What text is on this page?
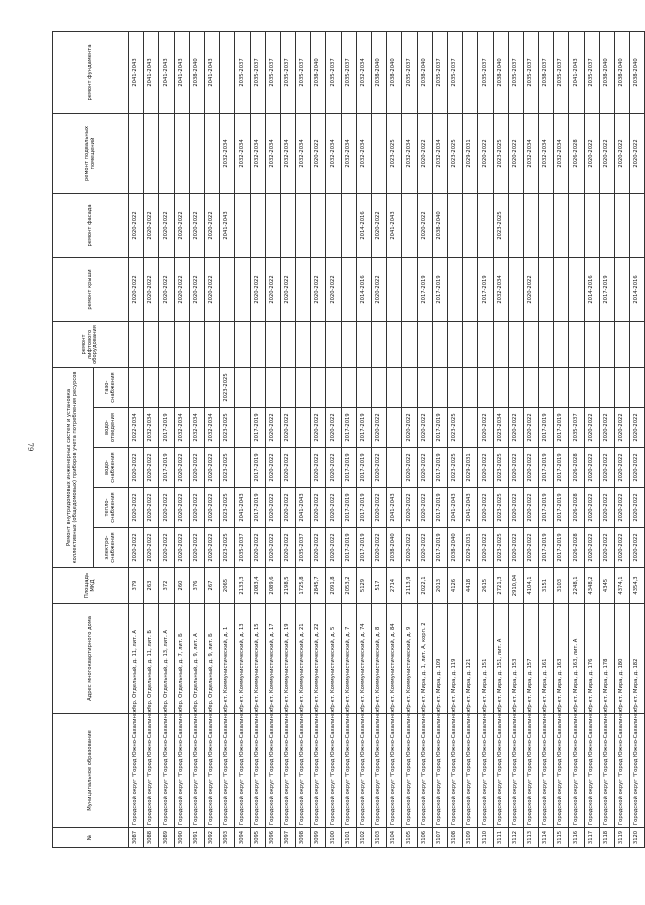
79
№	Муниципальное образование	Адрес многоквартирного дома	Площадь МКД	Ремонт внутридомовых инженерных систем и установка коллективных (общедомовых) приборов учета потребления ресурсов					ремонт лифтового оборудования	ремонт крыши	ремонт фасада	ремонт подвальных помещений	ремонт фундамента
				электро-снабжения	тепло-снабжения	водо-снабжения	водо-отведения	газо-снабжения					
3087	Городской округ "Город Южно-Сахалинск"	пер. Отдельный, д. 11, лит. А	379	2020-2022	2020-2022	2020-2022	2022-2034			2020-2022	2020-2022		2041-2043
3088	Городской округ "Город Южно-Сахалинск"	пер. Отдельный, д. 11, лит. Б	263	2020-2022	2020-2022	2020-2022	2032-2034			2020-2022	2020-2022		2041-2043
3089	Городской округ "Город Южно-Сахалинск"	пер. Отдельный, д. 13, лит. А	372	2020-2022	2020-2022	2017-2019	2017-2019			2020-2022	2020-2022		2041-2043
3090	Городской округ "Город Южно-Сахалинск"	пер. Отдельный, д. 7, лит. Б	260	2020-2022	2020-2022	2020-2022	2032-2034			2020-2022	2020-2022		2041-2043
3091	Городской округ "Город Южно-Сахалинск"	пер. Отдельный, д. 9, лит. А	376	2020-2022	2020-2022	2020-2022	2032-2034			2020-2022	2020-2022		2038-2040
3092	Городской округ "Город Южно-Сахалинск"	пер. Отдельный, д. 9, лит. Б	267	2020-2022	2020-2022	2020-2022	2032-2034			2020-2022	2020-2022		2041-2043
3093	Городской округ "Город Южно-Сахалинск"	пр-кт. Коммунистический, д. 1	2065	2023-2025	2023-2025	2023-2025	2023-2025	2023-2025			2041-2043	2032-2034	
3094	Городской округ "Город Южно-Сахалинск"	пр-кт. Коммунистический, д. 13	2133,3	2035-2037	2041-2043							2032-2034	2035-2037
3095	Городской округ "Город Южно-Сахалинск"	пр-кт. Коммунистический, д. 15	2083,4	2020-2022	2017-2019	2017-2019	2017-2019			2020-2022		2032-2034	2035-2037
3096	Городской округ "Город Южно-Сахалинск"	пр-кт. Коммунистический, д. 17	2089,6	2020-2022	2020-2022	2020-2022	2020-2022			2020-2022		2032-2034	2035-2037
3097	Городской округ "Город Южно-Сахалинск"	пр-кт. Коммунистический, д. 19	2198,5	2020-2022	2020-2022	2020-2022	2020-2022			2020-2022		2032-2034	2035-2037
3098	Городской округ "Город Южно-Сахалинск"	пр-кт. Коммунистический, д. 21	1725,8	2035-2037	2041-2043							2032-2034	2035-2037
3099	Городской округ "Город Южно-Сахалинск"	пр-кт. Коммунистический, д. 22	2845,7	2020-2022	2020-2022	2020-2022	2020-2022			2020-2022		2020-2022	2038-2040
3100	Городской округ "Город Южно-Сахалинск"	пр-кт. Коммунистический, д. 5	2091,8	2020-2022	2020-2022	2020-2022	2020-2022			2020-2022		2032-2034	2035-2037
3101	Городской округ "Город Южно-Сахалинск"	пр-кт. Коммунистический, д. 7	2053,2	2017-2019	2017-2019	2017-2019	2017-2019					2032-2034	2035-2037
3102	Городской округ "Город Южно-Сахалинск"	пр-кт. Коммунистический, д. 74	5129	2017-2019	2017-2019	2017-2019	2017-2019			2014-2016	2014-2016	2032-2034	2032-2034
3103	Городской округ "Город Южно-Сахалинск"	пр-кт. Коммунистический, д. 8	517	2020-2022	2020-2022	2020-2022	2020-2022			2020-2022	2020-2022		2038-2040
3104	Городской округ "Город Южно-Сахалинск"	пр-кт. Коммунистический, д. 84	2714	2038-2040	2041-2043						2041-2043	2023-2025	2038-2040
3105	Городской округ "Город Южно-Сахалинск"	пр-кт. Коммунистический, д. 9	2113,9	2020-2022	2020-2022	2020-2022	2020-2022					2032-2034	2035-2037
3106	Городской округ "Город Южно-Сахалинск"	пр-кт. Мира, д. 1, лит. А, корп. 2	2022,1	2020-2022	2020-2022	2020-2022	2020-2022			2017-2019	2020-2022	2020-2022	2038-2040
3107	Городской округ "Город Южно-Сахалинск"	пр-кт. Мира, д. 109	2013	2017-2019	2017-2019	2017-2019	2017-2019			2017-2019	2038-2040	2032-2034	2035-2037
3108	Городской округ "Город Южно-Сахалинск"	пр-кт. Мира, д. 119	4126	2038-2040	2041-2043	2023-2025	2023-2025					2023-2025	2035-2037
3109	Городской округ "Город Южно-Сахалинск"	пр-кт. Мира, д. 121	4418	2029-2031	2041-2043	2029-2031						2029-2031	
3110	Городской округ "Город Южно-Сахалинск"	пр-кт. Мира, д. 151	2615	2020-2022	2020-2022	2020-2022	2020-2022			2017-2019		2020-2022	2035-2037
3111	Городской округ "Город Южно-Сахалинск"	пр-кт. Мира, д. 151, лит. А	2721,3	2023-2025	2023-2025	2023-2025	2023-2034			2032-2034	2023-2025	2023-2025	2038-2040
3112	Городской округ "Город Южно-Сахалинск"	пр-кт. Мира, д. 153	2910,04	2020-2022	2020-2022	2020-2022	2020-2022					2020-2022	2035-2037
3113	Городской округ "Город Южно-Сахалинск"	пр-кт. Мира, д. 157	4104,1	2020-2022	2020-2022	2020-2022	2020-2022			2020-2022		2032-2034	2035-2037
3114	Городской округ "Город Южно-Сахалинск"	пр-кт. Мира, д. 161	3151	2017-2019	2017-2019	2017-2019	2017-2019					2032-2034	2038-2037
3115	Городской округ "Город Южно-Сахалинск"	пр-кт. Мира, д. 163	3103	2017-2019	2017-2019	2017-2019	2017-2019					2032-2034	2035-2037
3116	Городской округ "Город Южно-Сахалинск"	пр-кт. Мира, д. 163, лит. А	2248,1	2026-2028	2026-2028	2026-2028	2035-2037					2026-2028	2041-2043
3117	Городской округ "Город Южно-Сахалинск"	пр-кт. Мира, д. 176	4348,2	2020-2022	2020-2022	2020-2022	2020-2022			2014-2016		2020-2022	2035-2037
3118	Городской округ "Город Южно-Сахалинск"	пр-кт. Мира, д. 178	4345	2020-2022	2020-2022	2020-2022	2020-2022			2017-2019		2020-2022	2038-2040
3119	Городской округ "Город Южно-Сахалинск"	пр-кт. Мира, д. 180	4374,1	2020-2022	2020-2022	2020-2022	2020-2022					2020-2022	2038-2040
3120	Городской округ "Город Южно-Сахалинск"	пр-кт. Мира, д. 182	4354,3	2020-2022	2020-2022	2020-2022	2020-2022			2014-2016		2020-2022	2038-2040
